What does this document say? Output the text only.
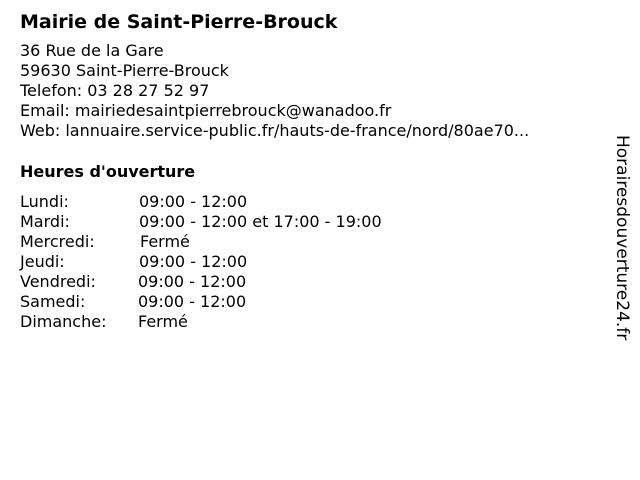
Mairie de Saint-Pierre-Brouck
36 Rue de la Gare
59630 Saint-Pierre-Brouck
Telefon: 03 28 27 52 97
Email: mairiedesaintpierrebrouck@wanadoo.fr
Web: lannuaire.service-public.fr/hauts-de-france/nord/80ae70...
Heures d'ouverture
Lundi:	09:00 - 12:00
Mardi:	09:00 - 12:00 et 17:00 - 19:00
Mercredi:	Fermé
Jeudi:	09:00 - 12:00
Vendredi:	09:00 - 12:00
Samedi:	09:00 - 12:00
Dimanche: Fermé	Horairesdouverture24.fr
